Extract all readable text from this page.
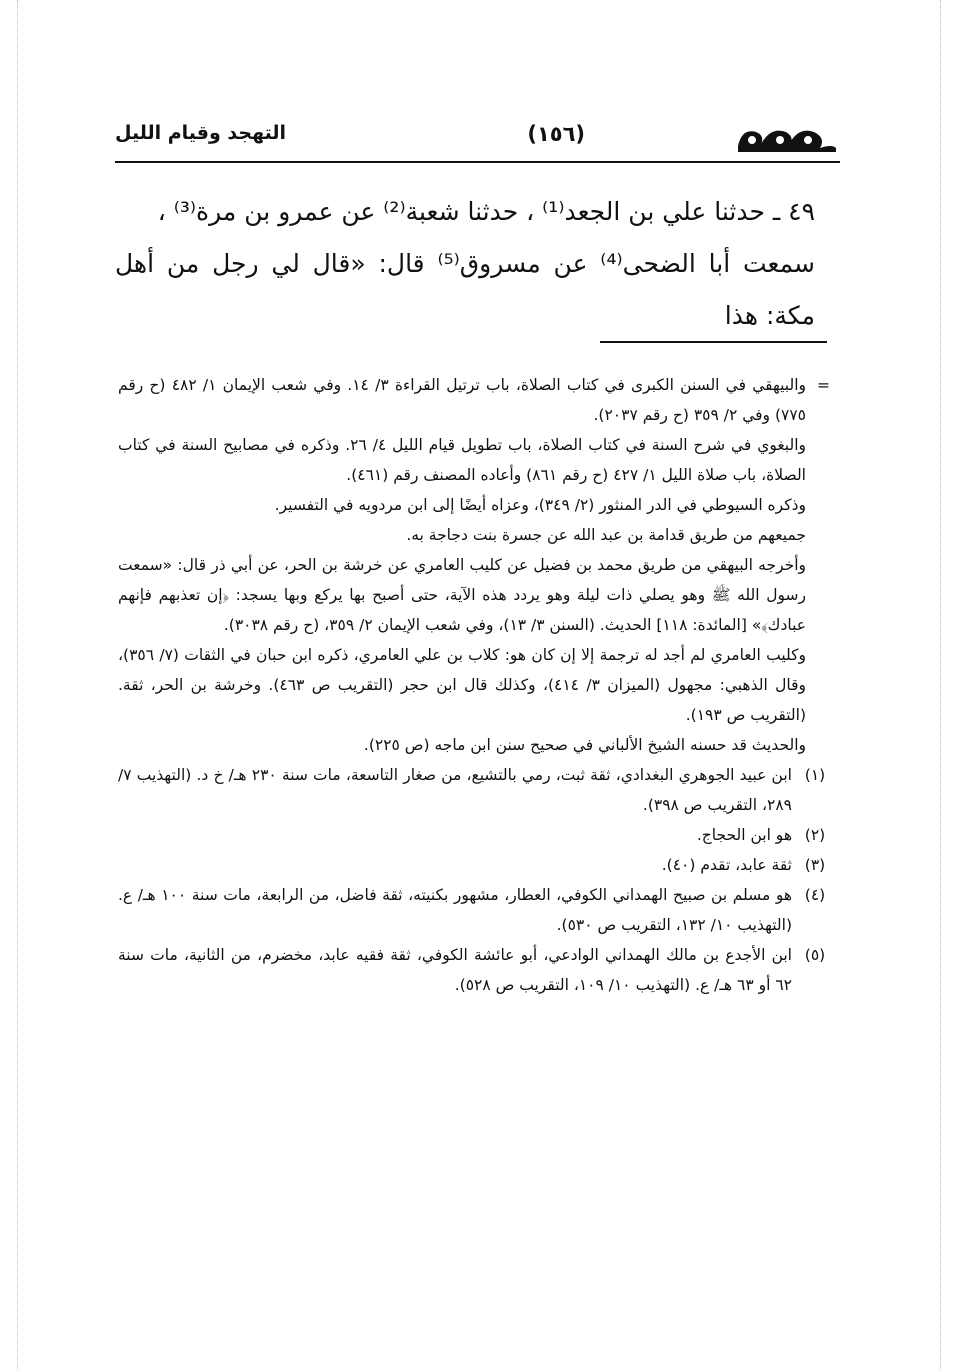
(١٥٦)
التهجد وقيام الليل

٤٩ ـ حدثنا علي بن الجعد⁽¹⁾ ، حدثنا شعبة⁽²⁾ عن عمرو بن مرة⁽³⁾ ،

سمعت أبا الضحى⁽⁴⁾ عن مسروق⁽⁵⁾ قال: «قال لي رجل من أهل مكة: هذا

=

والبيهقي في السنن الكبرى في كتاب الصلاة، باب ترتيل القراءة ٣/ ١٤. وفي شعب الإيمان ١/ ٤٨٢ (ح رقم ٧٧٥) وفي ٢/ ٣٥٩ (ح رقم ٢٠٣٧).

والبغوي في شرح السنة في كتاب الصلاة، باب تطويل قيام الليل ٤/ ٢٦. وذكره في مصابيح السنة في كتاب الصلاة، باب صلاة الليل ١/ ٤٢٧ (ح رقم ٨٦١) وأعاده المصنف رقم (٤٦١).

وذكره السيوطي في الدر المنثور (٢/ ٣٤٩)، وعزاه أيضًا إلى ابن مردويه في التفسير.

جميعهم من طريق قدامة بن عبد الله عن جسرة بنت دجاجة به.

وأخرجه البيهقي من طريق محمد بن فضيل عن كليب العامري عن خرشة بن الحر، عن أبي ذر قال: «سمعت رسول الله ﷺ وهو يصلي ذات ليلة وهو يردد هذه الآية، حتى أصبح بها يركع وبها يسجد: ﴿إن تعذبهم فإنهم عبادك﴾» [المائدة: ١١٨] الحديث. (السنن ٣/ ١٣)، وفي شعب الإيمان ٢/ ٣٥٩، (ح رقم ٣٠٣٨).

وكليب العامري لم أجد له ترجمة إلا إن كان هو: كلاب بن علي العامري، ذكره ابن حبان في الثقات (٧/ ٣٥٦)، وقال الذهبي: مجهول (الميزان ٣/ ٤١٤)، وكذلك قال ابن حجر (التقريب ص ٤٦٣). وخرشة بن الحر، ثقة. (التقريب ص ١٩٣).

والحديث قد حسنه الشيخ الألباني في صحيح سنن ابن ماجه (ص ٢٢٥).

(١)
ابن عبيد الجوهري البغدادي، ثقة ثبت، رمي بالتشيع، من صغار التاسعة، مات سنة ٢٣٠ هـ/ خ د. (التهذيب ٧/ ٢٨٩، التقريب ص ٣٩٨).
(٢)
هو ابن الحجاج.
(٣)
ثقة عابد، تقدم (٤٠).
(٤)
هو مسلم بن صبيح الهمداني الكوفي، العطار، مشهور بكنيته، ثقة فاضل، من الرابعة، مات سنة ١٠٠ هـ/ ع. (التهذيب ١٠/ ١٣٢، التقريب ص ٥٣٠).
(٥)
ابن الأجدع بن مالك الهمداني الوادعي، أبو عائشة الكوفي، ثقة فقيه عابد، مخضرم، من الثانية، مات سنة ٦٢ أو ٦٣ هـ/ ع. (التهذيب ١٠/ ١٠٩، التقريب ص ٥٢٨).
